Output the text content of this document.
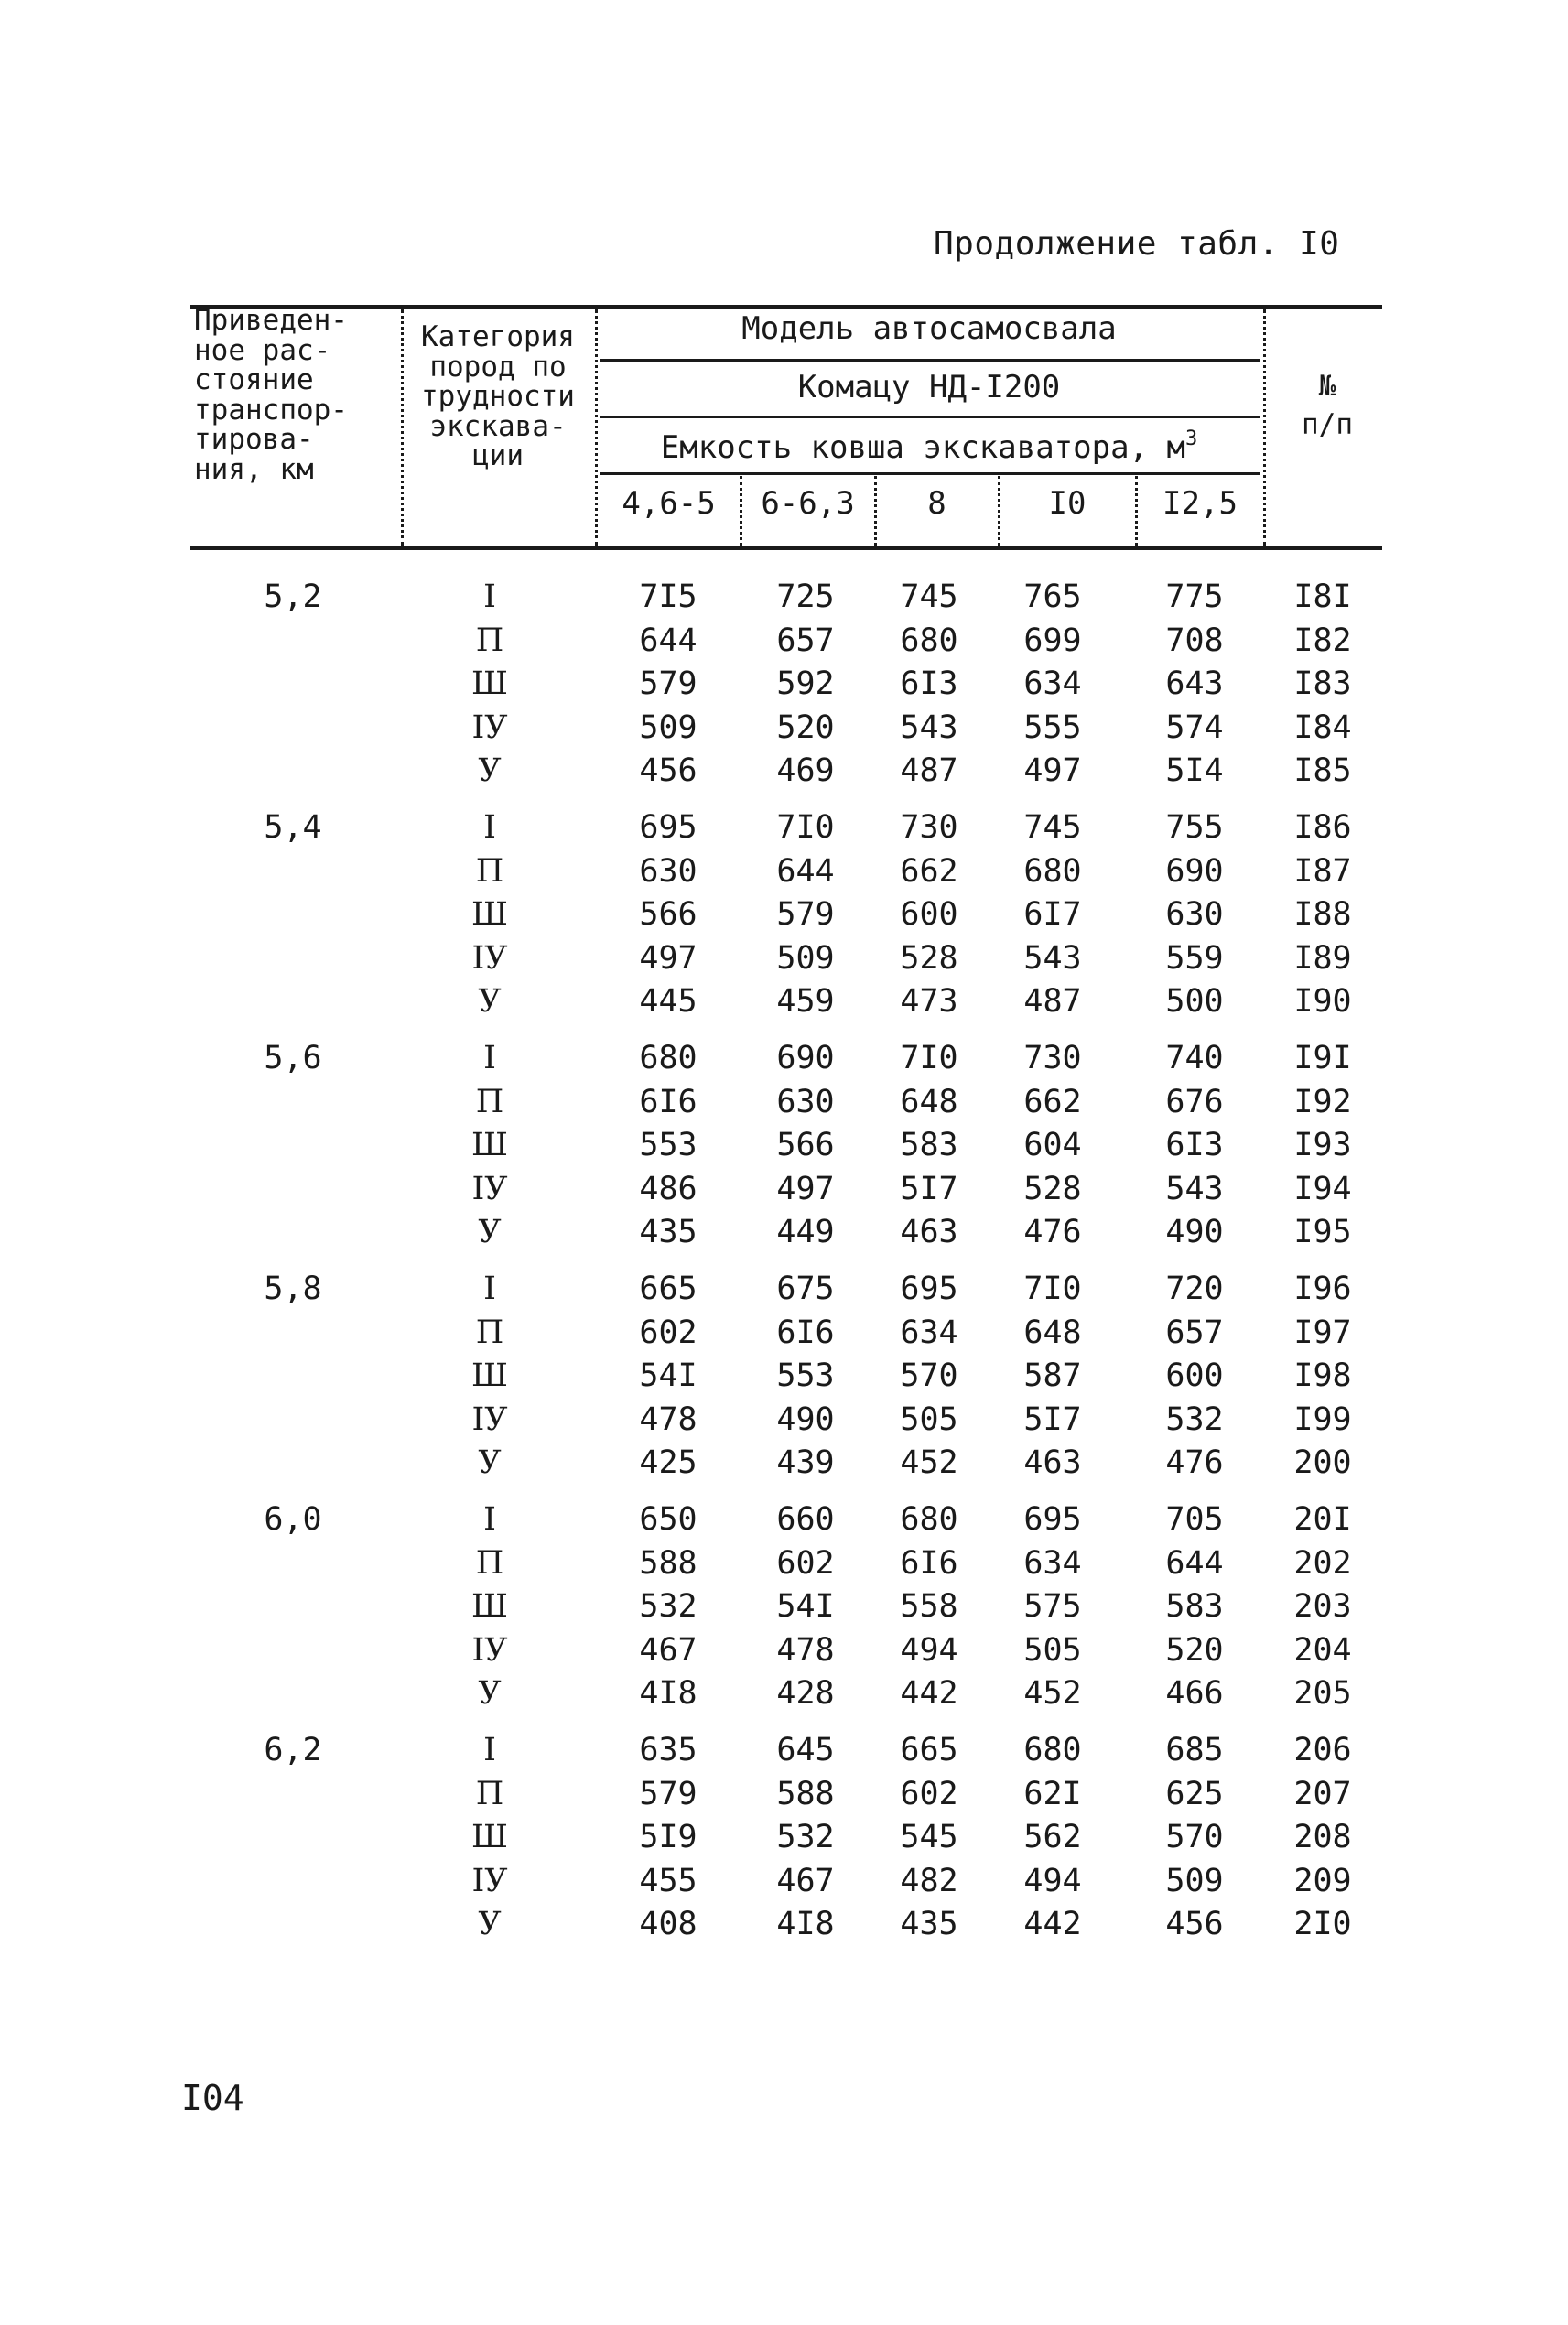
Продолжение табл. I0
Приведен-
ное рас-
стояние
транспор-
тирова-
ния, км
Категория
пород по
трудности
экскава-
ции
Модель автосамосвала
Комацу НД-I200
Емкость ковша экскаватора, $м^3$
№
п/п
4,6-5	6-6,3	8	I0	I2,5
5,2	I	7I5	725	745	765	775	I8I
П	644	657	680	699	708	I82
Ш	579	592	6I3	634	643	I83
IУ	509	520	543	555	574	I84
У	456	469	487	497	5I4	I85
5,4	I	695	7I0	730	745	755	I86
П	630	644	662	680	690	I87
Ш	566	579	600	6I7	630	I88
IУ	497	509	528	543	559	I89
У	445	459	473	487	500	I90
5,6	I	680	690	7I0	730	740	I9I
П	6I6	630	648	662	676	I92
Ш	553	566	583	604	6I3	I93
IУ	486	497	5I7	528	543	I94
У	435	449	463	476	490	I95
5,8	I	665	675	695	7I0	720	I96
П	602	6I6	634	648	657	I97
Ш	54I	553	570	587	600	I98
IУ	478	490	505	5I7	532	I99
У	425	439	452	463	476	200
6,0	I	650	660	680	695	705	20I
П	588	602	6I6	634	644	202
Ш	532	54I	558	575	583	203
IУ	467	478	494	505	520	204
У	4I8	428	442	452	466	205
6,2	I	635	645	665	680	685	206
П	579	588	602	62I	625	207
Ш	5I9	532	545	562	570	208
IУ	455	467	482	494	509	209
У	408	4I8	435	442	456	2I0
I04
